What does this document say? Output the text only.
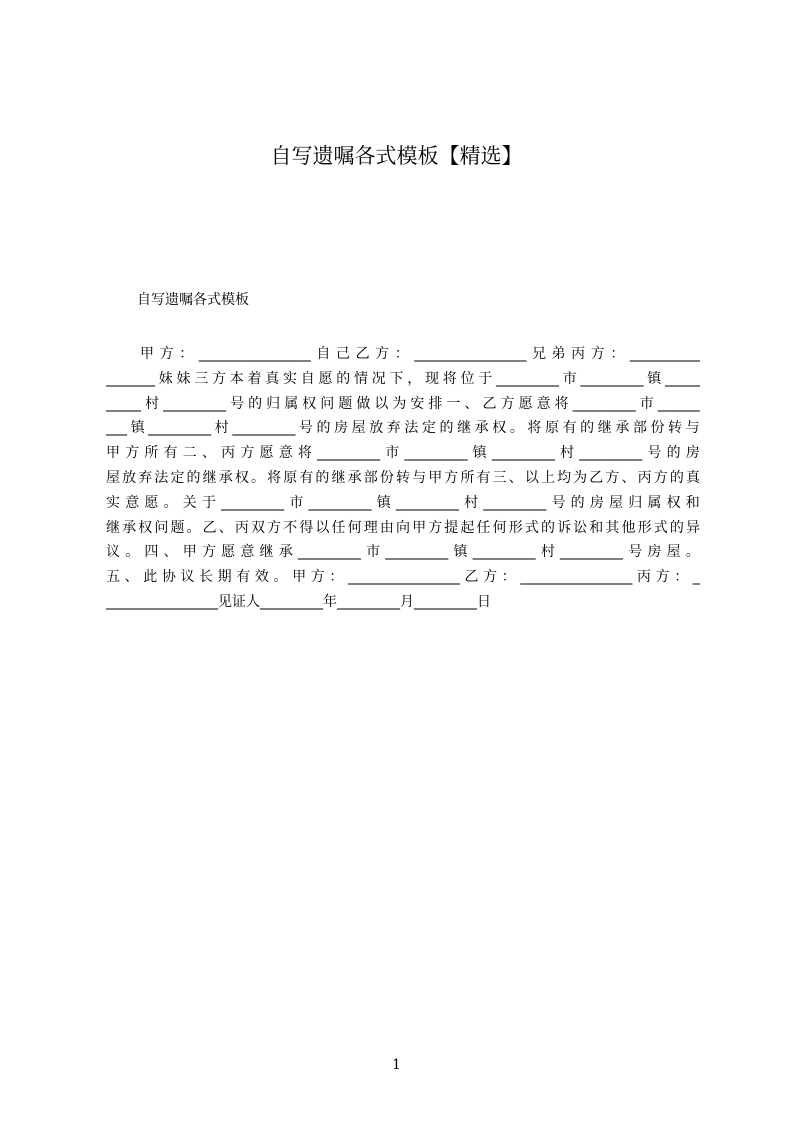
自写遗嘱各式模板【精选】
自写遗嘱各式模板
甲 方 ： ________________ 自 己 乙 方 ： ________________ 兄 弟 丙 方 ： __________
_______ 妹 妹 三 方 本 着 真 实 自 愿 的 情 况 下 ， 现 将 位 于 _________ 市 _________ 镇 _____
_____ 村 _________ 号 的 归 属 权 问 题 做 以 为 安 排 一 、 乙 方 愿 意 将 _________ 市 ______
___ 镇 _________ 村 _________ 号 的 房 屋 放 弃 法 定 的 继 承 权 。 将 原 有 的 继 承 部 份 转 与
甲 方 所 有 二 、 丙 方 愿 意 将 _________ 市 _________ 镇 _________ 村 _________ 号 的 房
屋 放 弃 法 定 的 继 承 权 。 将 原 有 的 继 承 部 份 转 与 甲 方 所 有 三 、 以 上 均 为 乙 方 、 丙 方 的 真
实 意 愿 。 关 于 _________ 市 _________ 镇 _________ 村 _________ 号 的 房 屋 归 属 权 和
继 承 权 问 题 。 乙 、 丙 双 方 不 得 以 任 何 理 由 向 甲 方 提 起 任 何 形 式 的 诉 讼 和 其 他 形 式 的 异
议 。 四 、 甲 方 愿 意 继 承 _________ 市 _________ 镇 _________ 村 _________ 号 房 屋 。
五 、 此 协 议 长 期 有 效 。 甲 方 ： ________________ 乙 方 ： ________________ 丙 方 ： _
________________见证人_________年_________月_________日
1
